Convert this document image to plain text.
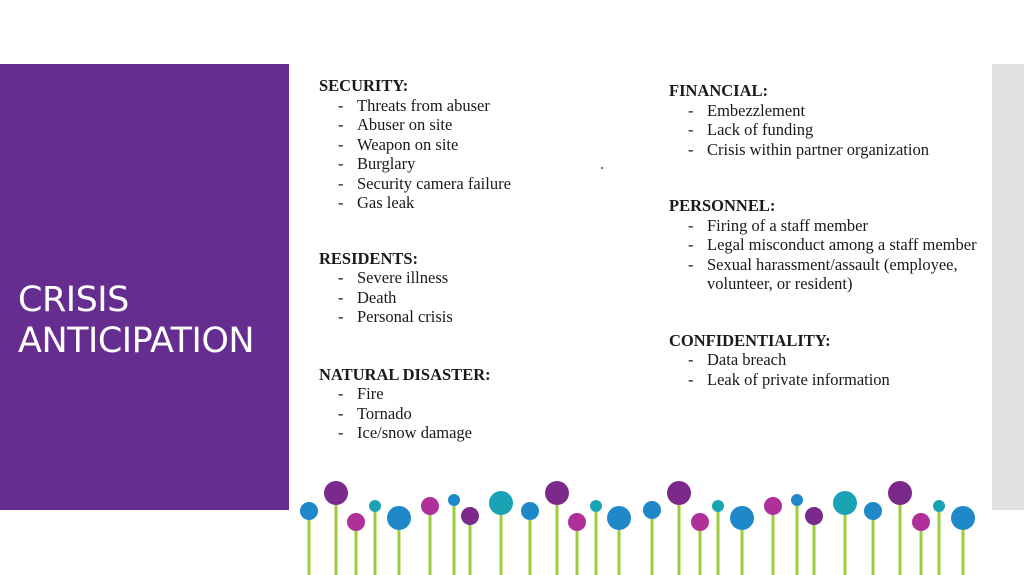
CRISIS ANTICIPATION
SECURITY:
- Threats from abuser
- Abuser on site
- Weapon on site
- Burglary
- Security camera failure
- Gas leak
RESIDENTS:
- Severe illness
- Death
- Personal crisis
NATURAL DISASTER:
- Fire
- Tornado
- Ice/snow damage
FINANCIAL:
- Embezzlement
- Lack of funding
- Crisis within partner organization
PERSONNEL:
- Firing of a staff member
- Legal misconduct among a staff member
- Sexual harassment/assault (employee, volunteer, or resident)
CONFIDENTIALITY:
- Data breach
- Leak of private information
